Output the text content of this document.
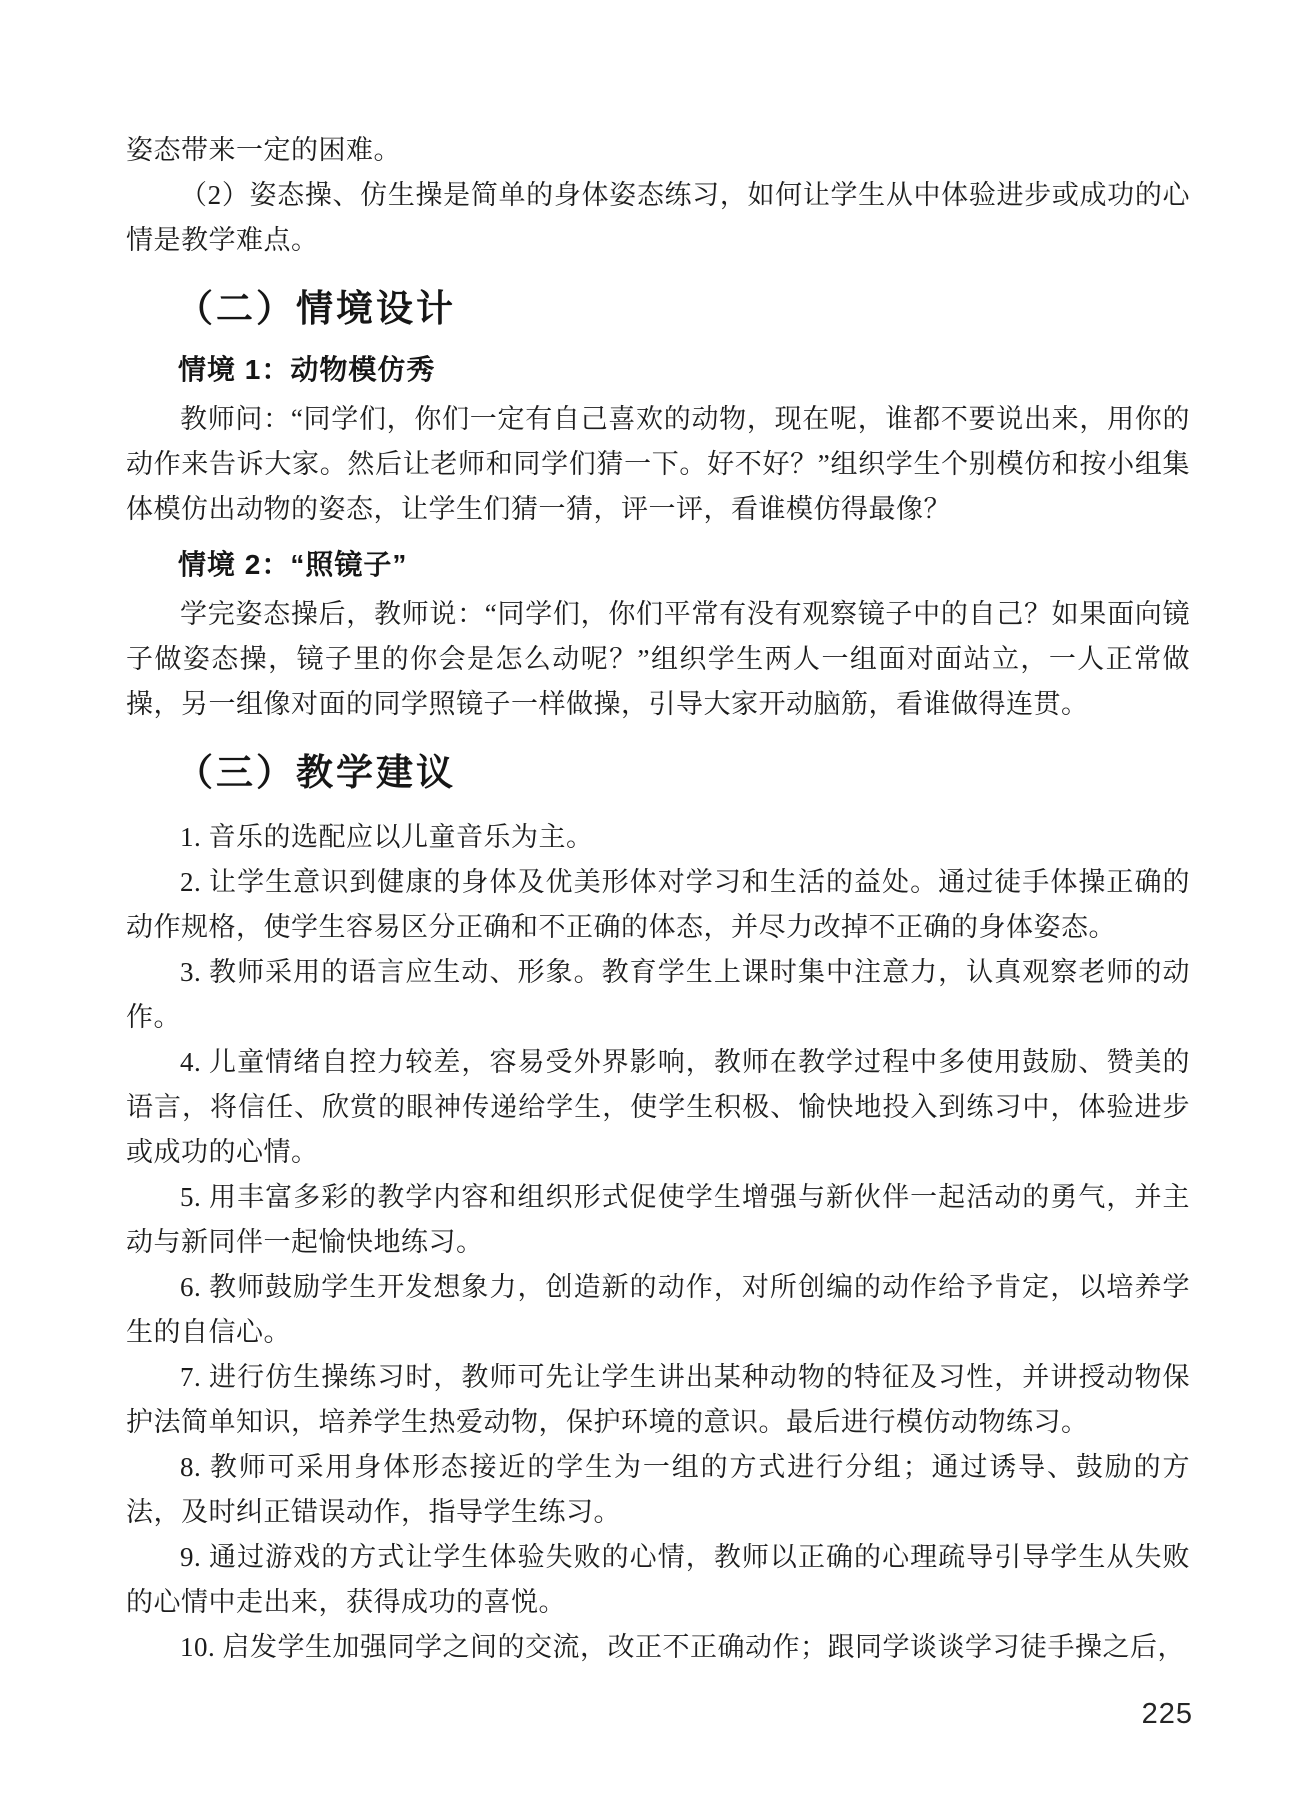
姿态带来一定的困难。

（2）姿态操、仿生操是简单的身体姿态练习，如何让学生从中体验进步或成功的心情是教学难点。

（二）情境设计
情境 1：动物模仿秀

教师问：“同学们，你们一定有自己喜欢的动物，现在呢，谁都不要说出来，用你的动作来告诉大家。然后让老师和同学们猜一下。好不好？”组织学生个别模仿和按小组集体模仿出动物的姿态，让学生们猜一猜，评一评，看谁模仿得最像？

情境 2：“照镜子”

学完姿态操后，教师说：“同学们，你们平常有没有观察镜子中的自己？如果面向镜子做姿态操，镜子里的你会是怎么动呢？”组织学生两人一组面对面站立，一人正常做操，另一组像对面的同学照镜子一样做操，引导大家开动脑筋，看谁做得连贯。

（三）教学建议

1. 音乐的选配应以儿童音乐为主。

2. 让学生意识到健康的身体及优美形体对学习和生活的益处。通过徒手体操正确的动作规格，使学生容易区分正确和不正确的体态，并尽力改掉不正确的身体姿态。

3. 教师采用的语言应生动、形象。教育学生上课时集中注意力，认真观察老师的动作。

4. 儿童情绪自控力较差，容易受外界影响，教师在教学过程中多使用鼓励、赞美的语言，将信任、欣赏的眼神传递给学生，使学生积极、愉快地投入到练习中，体验进步或成功的心情。

5. 用丰富多彩的教学内容和组织形式促使学生增强与新伙伴一起活动的勇气，并主动与新同伴一起愉快地练习。

6. 教师鼓励学生开发想象力，创造新的动作，对所创编的动作给予肯定，以培养学生的自信心。

7. 进行仿生操练习时，教师可先让学生讲出某种动物的特征及习性，并讲授动物保护法简单知识，培养学生热爱动物，保护环境的意识。最后进行模仿动物练习。

8. 教师可采用身体形态接近的学生为一组的方式进行分组；通过诱导、鼓励的方法，及时纠正错误动作，指导学生练习。

9. 通过游戏的方式让学生体验失败的心情，教师以正确的心理疏导引导学生从失败的心情中走出来，获得成功的喜悦。

10. 启发学生加强同学之间的交流，改正不正确动作；跟同学谈谈学习徒手操之后，

225
